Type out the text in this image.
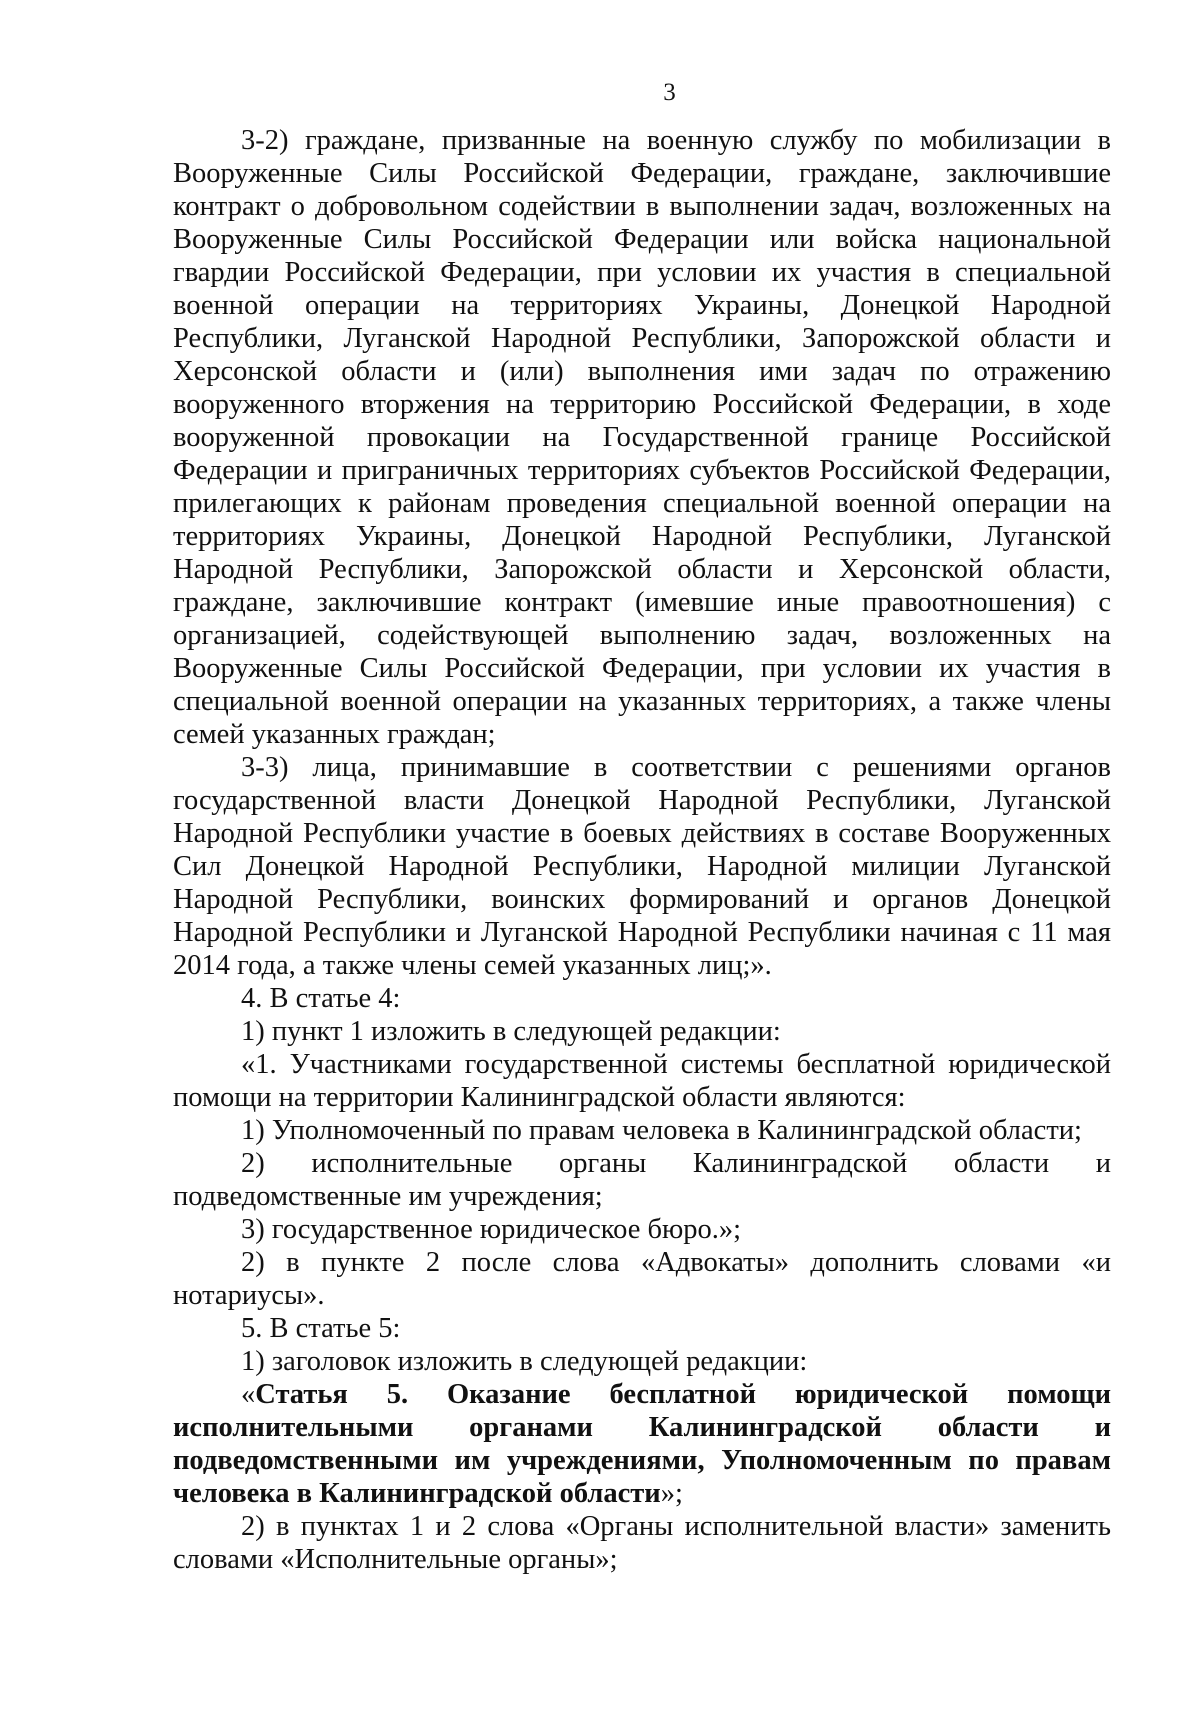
3

3-2) граждане, призванные на военную службу по мобилизации в Вооруженные Силы Российской Федерации, граждане, заключившие контракт о добровольном содействии в выполнении задач, возложенных на Вооруженные Силы Российской Федерации или войска национальной гвардии Российской Федерации, при условии их участия в специальной военной операции на территориях Украины, Донецкой Народной Республики, Луганской Народной Республики, Запорожской области и Херсонской области и (или) выполнения ими задач по отражению вооруженного вторжения на территорию Российской Федерации, в ходе вооруженной провокации на Государственной границе Российской Федерации и приграничных территориях субъектов Российской Федерации, прилегающих к районам проведения специальной военной операции на территориях Украины, Донецкой Народной Республики, Луганской Народной Республики, Запорожской области и Херсонской области, граждане, заключившие контракт (имевшие иные правоотношения) с организацией, содействующей выполнению задач, возложенных на Вооруженные Силы Российской Федерации, при условии их участия в специальной военной операции на указанных территориях, а также члены семей указанных граждан;

3-3) лица, принимавшие в соответствии с решениями органов государственной власти Донецкой Народной Республики, Луганской Народной Республики участие в боевых действиях в составе Вооруженных Сил Донецкой Народной Республики, Народной милиции Луганской Народной Республики, воинских формирований и органов Донецкой Народной Республики и Луганской Народной Республики начиная с 11 мая 2014 года, а также члены семей указанных лиц;».

4. В статье 4:

1) пункт 1 изложить в следующей редакции:

«1. Участниками государственной системы бесплатной юридической помощи на территории Калининградской области являются:

1) Уполномоченный по правам человека в Калининградской области;

2) исполнительные органы Калининградской области и подведомственные им учреждения;

3) государственное юридическое бюро.»;

2) в пункте 2 после слова «Адвокаты» дополнить словами «и нотариусы».

5. В статье 5:

1) заголовок изложить в следующей редакции:

«Статья 5. Оказание бесплатной юридической помощи исполнительными органами Калининградской области и подведомственными им учреждениями, Уполномоченным по правам человека в Калининградской области»;

2) в пунктах 1 и 2 слова «Органы исполнительной власти» заменить словами «Исполнительные органы»;
